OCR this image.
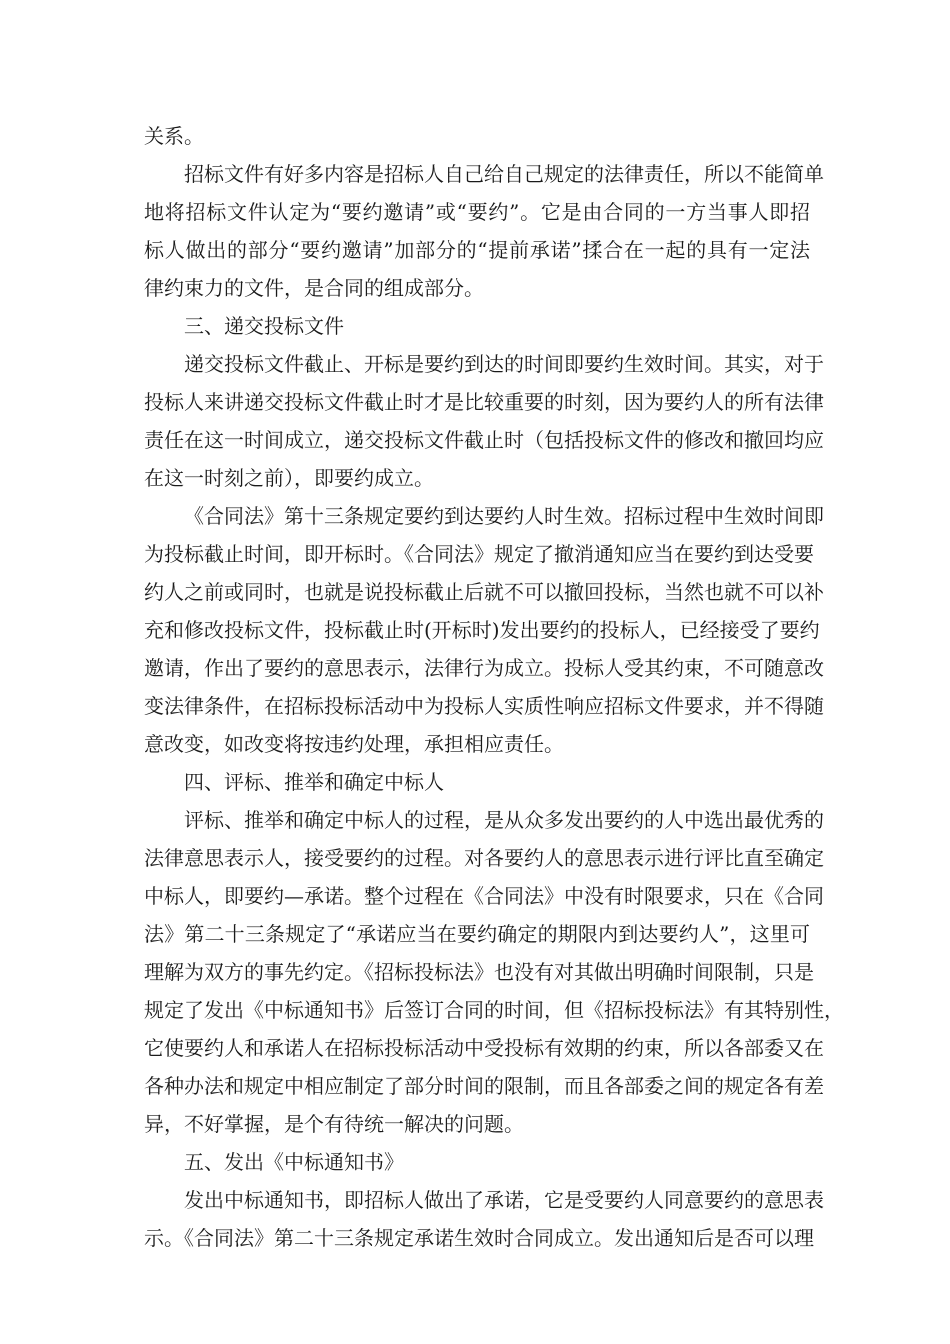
关系。
招标文件有好多内容是招标人自己给自己规定的法律责任，所以不能简单
地将招标文件认定为“要约邀请”或“要约”。它是由合同的一方当事人即招
标人做出的部分“要约邀请”加部分的“提前承诺”揉合在一起的具有一定法
律约束力的文件，是合同的组成部分。
三、递交投标文件
递交投标文件截止、开标是要约到达的时间即要约生效时间。其实，对于
投标人来讲递交投标文件截止时才是比较重要的时刻，因为要约人的所有法律
责任在这一时间成立，递交投标文件截止时（包括投标文件的修改和撤回均应
在这一时刻之前），即要约成立。
《合同法》第十三条规定要约到达要约人时生效。招标过程中生效时间即
为投标截止时间，即开标时。《合同法》规定了撤消通知应当在要约到达受要
约人之前或同时，也就是说投标截止后就不可以撤回投标，当然也就不可以补
充和修改投标文件，投标截止时(开标时)发出要约的投标人，已经接受了要约
邀请，作出了要约的意思表示，法律行为成立。投标人受其约束，不可随意改
变法律条件，在招标投标活动中为投标人实质性响应招标文件要求，并不得随
意改变，如改变将按违约处理，承担相应责任。
四、评标、推举和确定中标人
评标、推举和确定中标人的过程，是从众多发出要约的人中选出最优秀的
法律意思表示人，接受要约的过程。对各要约人的意思表示进行评比直至确定
中标人，即要约—承诺。整个过程在《合同法》中没有时限要求，只在《合同
法》第二十三条规定了“承诺应当在要约确定的期限内到达要约人”，这里可
理解为双方的事先约定。《招标投标法》也没有对其做出明确时间限制，只是
规定了发出《中标通知书》后签订合同的时间，但《招标投标法》有其特别性，
它使要约人和承诺人在招标投标活动中受投标有效期的约束，所以各部委又在
各种办法和规定中相应制定了部分时间的限制，而且各部委之间的规定各有差
异，不好掌握，是个有待统一解决的问题。
五、发出《中标通知书》
发出中标通知书，即招标人做出了承诺，它是受要约人同意要约的意思表
示。《合同法》第二十三条规定承诺生效时合同成立。发出通知后是否可以理
